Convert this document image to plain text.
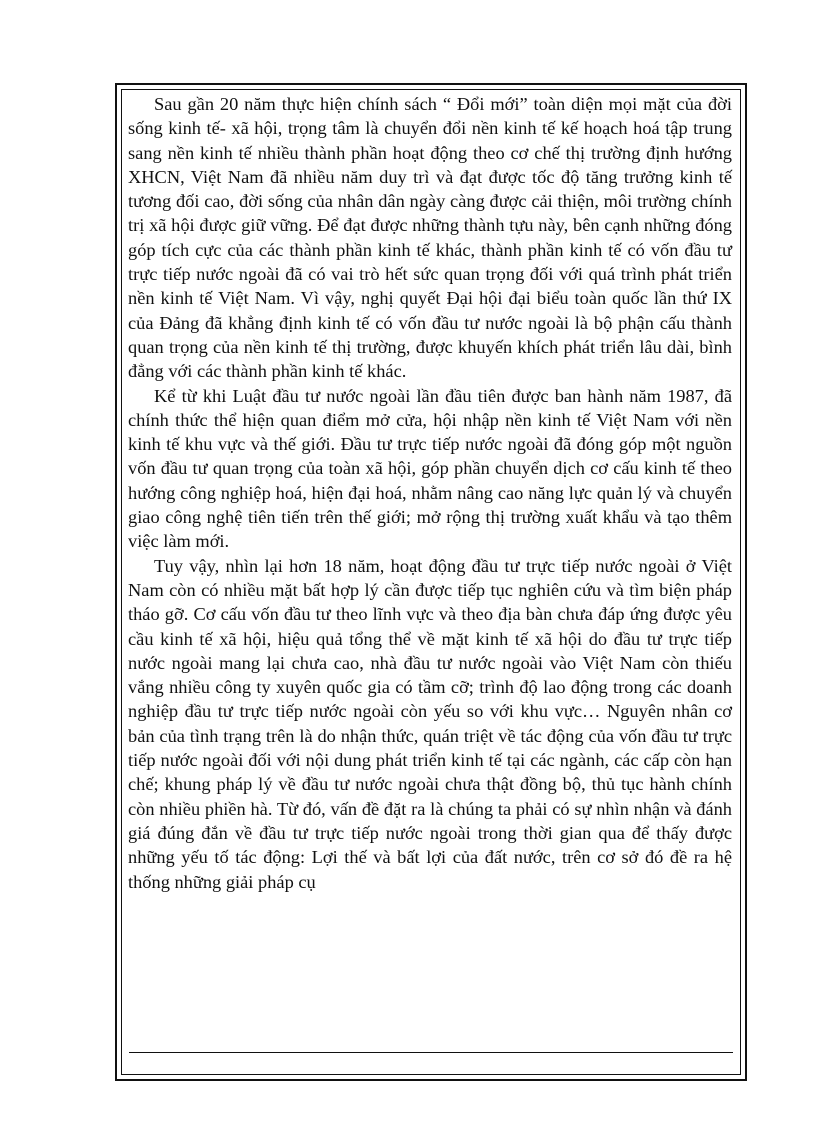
Sau gần 20 năm thực hiện chính sách “ Đổi mới” toàn diện mọi mặt của đời sống kinh tế- xã hội, trọng tâm là chuyển đổi nền kinh tế kế hoạch hoá tập trung sang nền kinh tế nhiều thành phần hoạt động theo cơ chế thị trường định hướng XHCN, Việt Nam đã nhiều năm duy trì và đạt được tốc độ tăng trưởng kinh tế tương đối cao, đời sống của nhân dân ngày càng được cải thiện, môi trường chính trị xã hội được giữ vững. Để đạt được những thành tựu này, bên cạnh những đóng góp tích cực của các thành phần kinh tế khác, thành phần kinh tế có vốn đầu tư trực tiếp nước ngoài đã có vai trò hết sức quan trọng đối với quá trình phát triển nền kinh tế Việt Nam. Vì vậy, nghị quyết Đại hội đại biểu toàn quốc lần thứ IX của Đảng đã khẳng định kinh tế có vốn đầu tư nước ngoài là bộ phận cấu thành quan trọng của nền kinh tế thị trường, được khuyến khích phát triển lâu dài, bình đẳng với các thành phần kinh tế khác.

Kể từ khi Luật đầu tư nước ngoài lần đầu tiên được ban hành năm 1987, đã chính thức thể hiện quan điểm mở cửa, hội nhập nền kinh tế Việt Nam với nền kinh tế khu vực và thế giới. Đầu tư trực tiếp nước ngoài đã đóng góp một nguồn vốn đầu tư quan trọng của toàn xã hội, góp phần chuyển dịch cơ cấu kinh tế theo hướng công nghiệp hoá, hiện đại hoá, nhằm nâng cao năng lực quản lý và chuyển giao công nghệ tiên tiến trên thế giới; mở rộng thị trường xuất khẩu và tạo thêm việc làm mới.

Tuy vậy, nhìn lại hơn 18 năm, hoạt động đầu tư trực tiếp nước ngoài ở Việt Nam còn có nhiều mặt bất hợp lý cần được tiếp tục nghiên cứu và tìm biện pháp tháo gỡ. Cơ cấu vốn đầu tư theo lĩnh vực và theo địa bàn chưa đáp ứng được yêu cầu kinh tế xã hội, hiệu quả tổng thể về mặt kinh tế xã hội do đầu tư trực tiếp nước ngoài mang lại chưa cao, nhà đầu tư nước ngoài vào Việt Nam còn thiếu vắng nhiều công ty xuyên quốc gia có tầm cỡ; trình độ lao động trong các doanh nghiệp đầu tư trực tiếp nước ngoài còn yếu so với khu vực… Nguyên nhân cơ bản của tình trạng trên là do nhận thức, quán triệt về tác động của vốn đầu tư trực tiếp nước ngoài đối với nội dung phát triển kinh tế tại các ngành, các cấp còn hạn chế; khung pháp lý về đầu tư nước ngoài chưa thật đồng bộ, thủ tục hành chính còn nhiều phiền hà. Từ đó, vấn đề đặt ra là chúng ta phải có sự nhìn nhận và đánh giá đúng đắn về đầu tư trực tiếp nước ngoài trong thời gian qua để thấy được những yếu tố tác động: Lợi thế và bất lợi của đất nước, trên cơ sở đó đề ra hệ thống những giải pháp cụ
